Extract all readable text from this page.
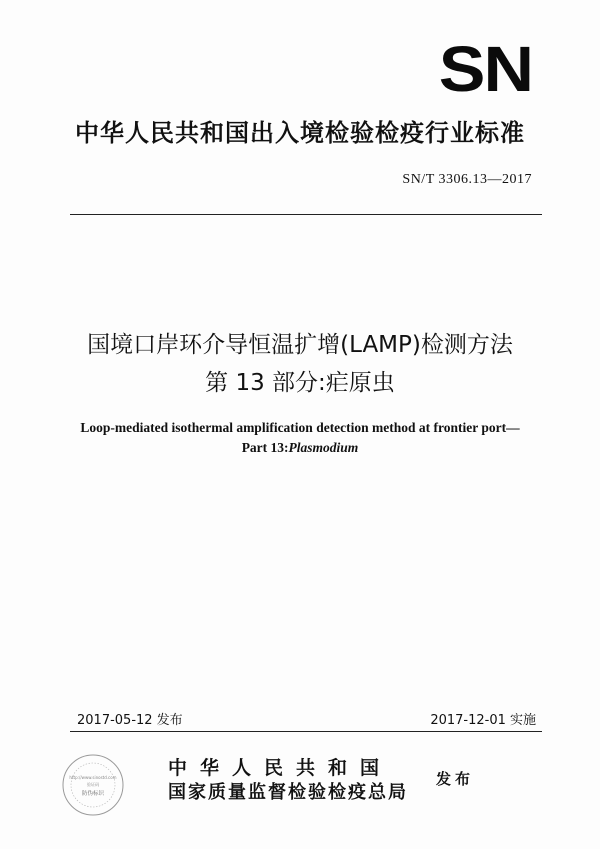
SN
中华人民共和国出入境检验检疫行业标准
SN/T 3306.13—2017
国境口岸环介导恒温扩增(LAMP)检测方法
第 13 部分:疟原虫
Loop-mediated isothermal amplification detection method at frontier port—
Part 13:Plasmodium
2017-05-12 发布	2017-12-01 实施
http://www.sinostd.com
验证码
防伪标识
中华人民共和国
国家质量监督检验检疫总局
发布
